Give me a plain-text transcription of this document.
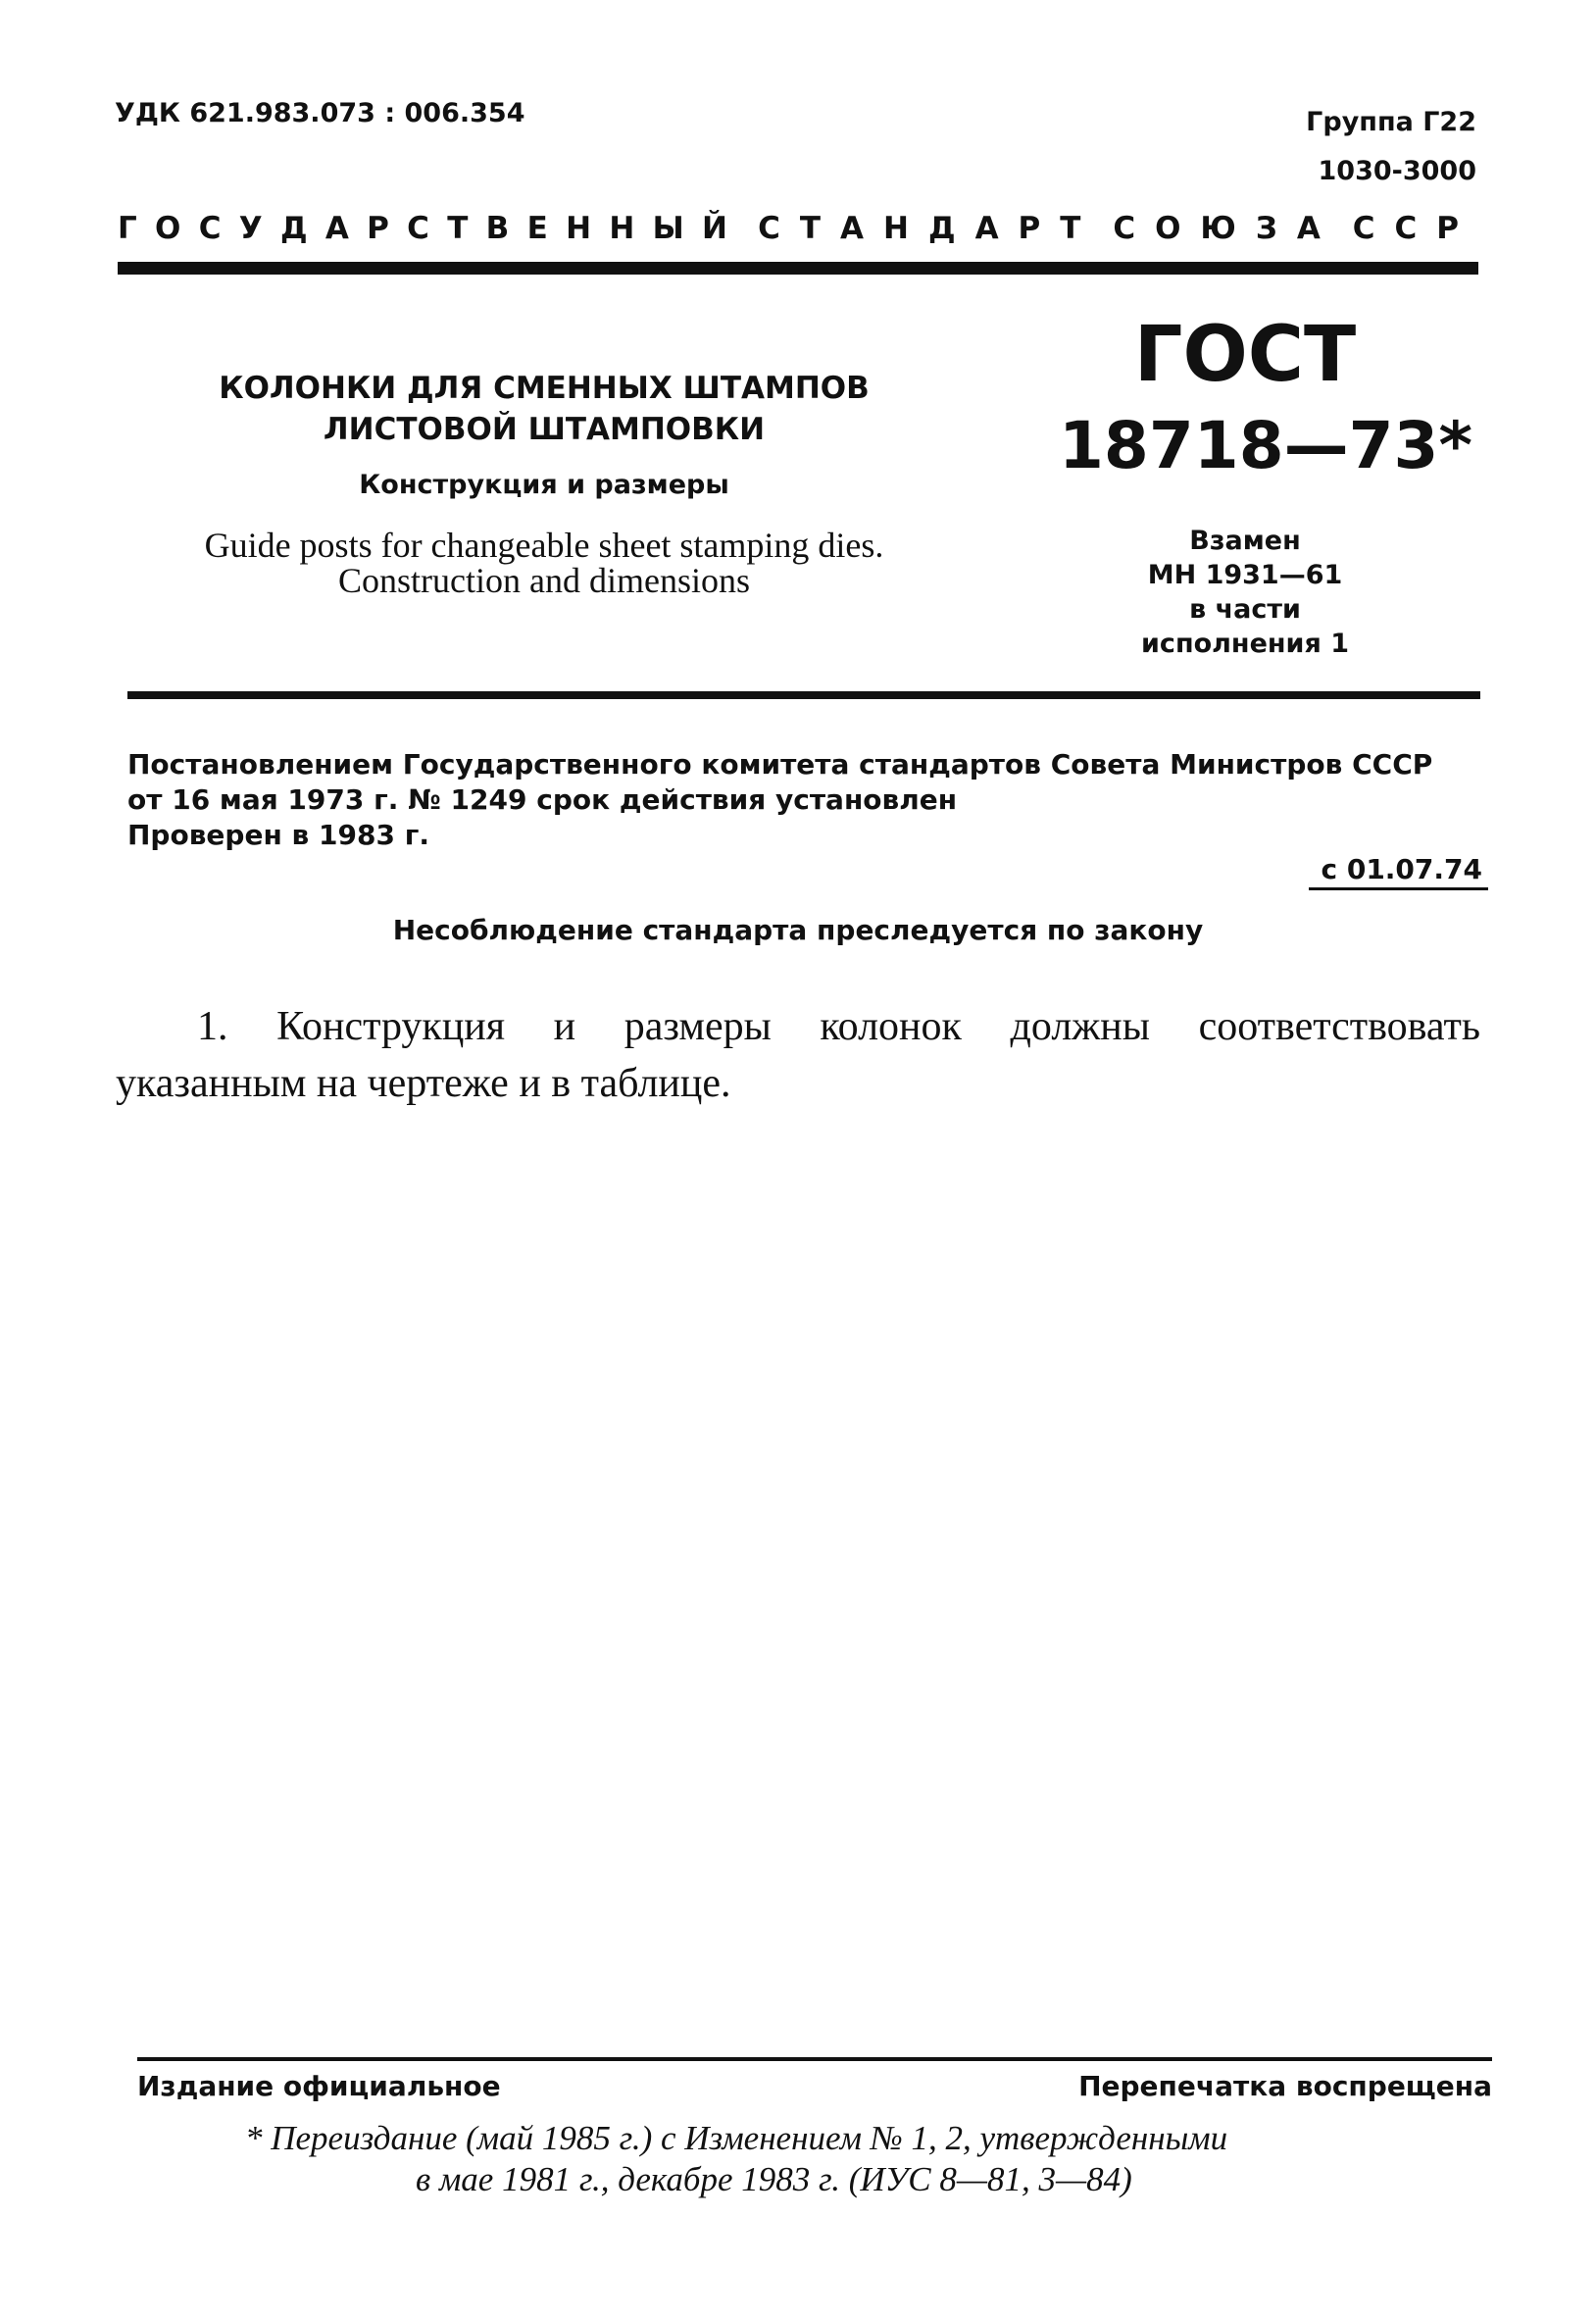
УДК 621.983.073 : 006.354	Группа Г22
1030-3000
ГОСУДАРСТВЕННЫЙ СТАНДАРТ СОЮЗА ССР
КОЛОНКИ ДЛЯ СМЕННЫХ ШТАМПОВ
ЛИСТОВОЙ ШТАМПОВКИ
Конструкция и размеры
Guide posts for changeable sheet stamping dies.
Construction and dimensions
ГОСТ
18718—73*
Взамен
МН 1931—61
в части
исполнения 1
Постановлением Государственного комитета стандартов Совета Министров СССР
от 16 мая 1973 г. № 1249 срок действия установлен
Проверен в 1983 г.
с 01.07.74
Несоблюдение стандарта преследуется по закону
1. Конструкция и размеры колонок должны соответствовать
указанным на чертеже и в таблице.
Издание официальное	Перепечатка воспрещена
* Переиздание (май 1985 г.) с Изменением № 1, 2, утвержденными
в мае 1981 г., декабре 1983 г. (ИУС 8—81, 3—84)
